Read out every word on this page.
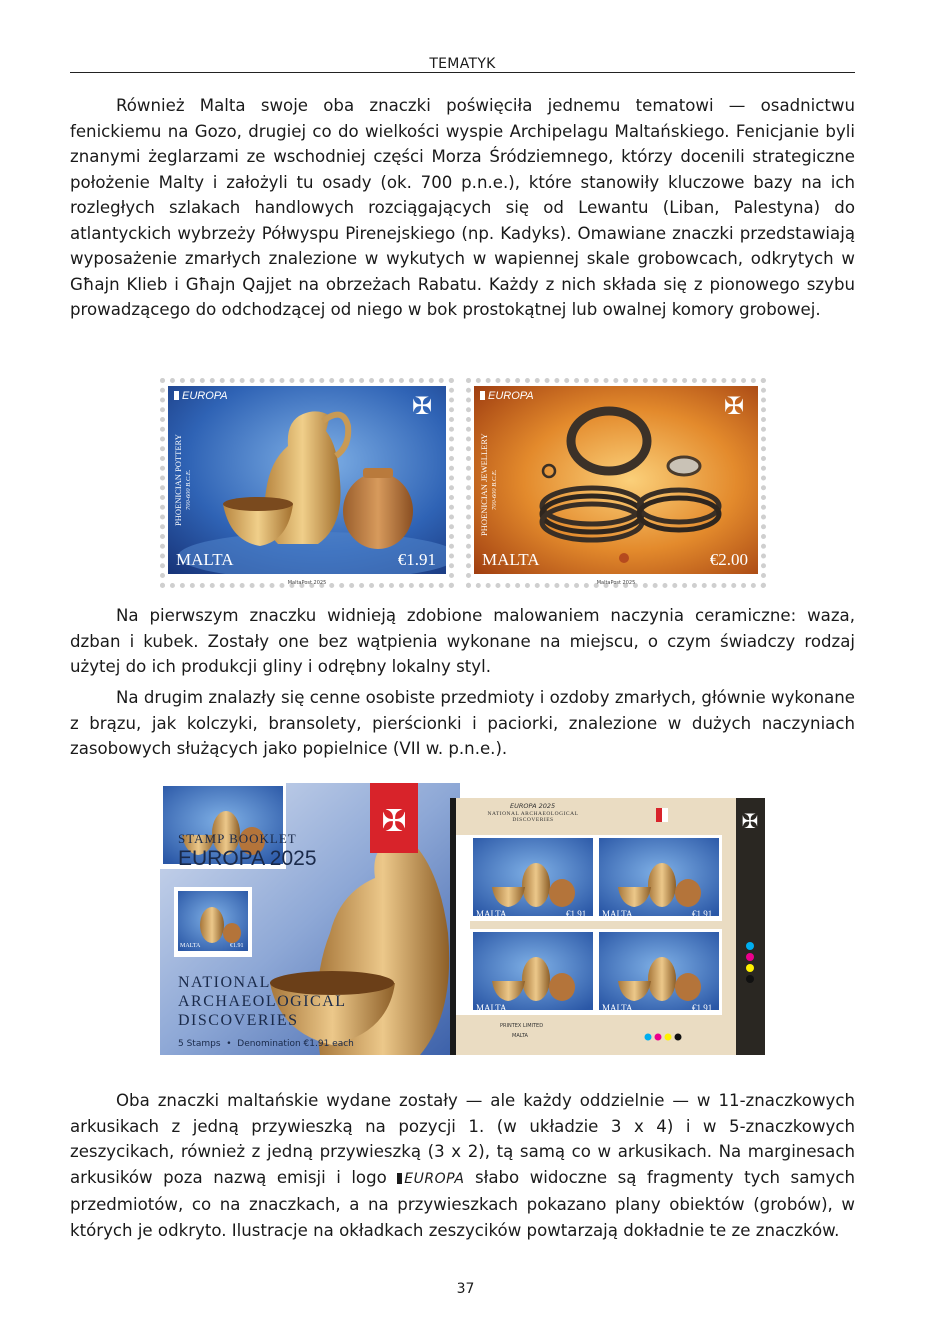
TEMATYK

Również Malta swoje oba znaczki poświęciła jednemu tematowi — osadnictwu fenickiemu na Gozo, drugiej co do wielkości wyspie Archipelagu Maltańskiego. Fenicjanie byli znanymi żeglarzami ze wschodniej części Morza Śródziemnego, którzy docenili strategiczne położenie Malty i założyli tu osady (ok. 700 p.n.e.), które stanowiły kluczowe bazy na ich rozległych szlakach handlowych rozciągających się od Lewantu (Liban, Palestyna) do atlantyckich wybrzeży Półwyspu Pirenejskiego (np. Kadyks). Omawiane znaczki przedstawiają wyposażenie zmarłych znalezione w wykutych w wapiennej skale grobowcach, odkrytych w Għajn Klieb i Għajn Qajjet na obrzeżach Rabatu. Każdy z nich składa się z pionowego szybu prowadzącego do odchodzącej od niego w bok prostokątnej lub owalnej komory grobowej.

EUROPA	✠
PHOENICIAN POTTERY 700-600 B.C.E.
MALTA	€1.91
MaltaPost 2025
EUROPA	✠
PHOENICIAN JEWELLERY 700-600 B.C.E.
MALTA	€2.00
MaltaPost 2025

Na pierwszym znaczku widnieją zdobione malowaniem naczynia ceramiczne: waza, dzban i kubek. Zostały one bez wątpienia wykonane na miejscu, o czym świadczy rodzaj użytej do ich produkcji gliny i odrębny lokalny styl.

Na drugim znalazły się cenne osobiste przedmioty i ozdoby zmarłych, głównie wykonane z brązu, jak kolczyki, bransolety, pierścionki i paciorki, znalezione w dużych naczyniach zasobowych służących jako popielnice (VII w. p.n.e.).

✠	✠
STAMP BOOKLET
EUROPA 2025
NATIONAL
ARCHAEOLOGICAL
DISCOVERIES
5 Stamps  •  Denomination €1.91 each
MALTA	€1.91
EUROPA 2025
NATIONAL ARCHAEOLOGICAL DISCOVERIES
PRINTEX LIMITED
MALTA
MALTA	€1.91 MALTA	€1.91
MALTA	MALTA	€1.91

Oba znaczki maltańskie wydane zostały — ale każdy oddzielnie — w 11-znaczkowych arkusikach z jedną przywieszką na pozycji 1. (w układzie 3 x 4) i w 5-znaczkowych zeszycikach, również z jedną przywieszką (3 x 2), tą samą co w arkusikach. Na marginesach arkusików poza nazwą emisji i logo EUROPA słabo widoczne są fragmenty tych samych przedmiotów, co na znaczkach, a na przywieszkach pokazano plany obiektów (grobów), w których je odkryto. Ilustracje na okładkach zeszycików powtarzają dokładnie te ze znaczków.

37
